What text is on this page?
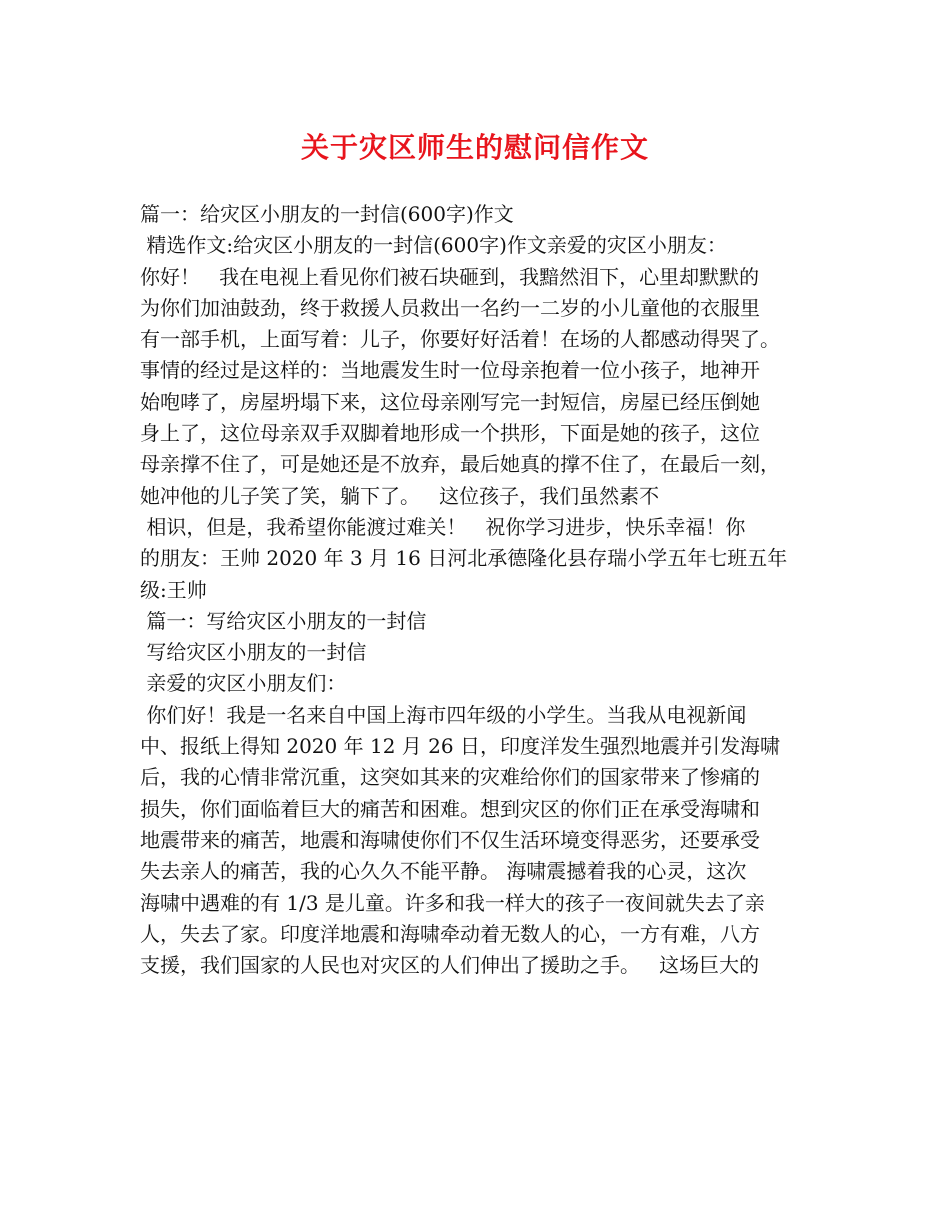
关于灾区师生的慰问信作文
篇一：给灾区小朋友的一封信(600字)作文
精选作文:给灾区小朋友的一封信(600字)作文亲爱的灾区小朋友：
你好！   我在电视上看见你们被石块砸到，我黯然泪下，心里却默默的
为你们加油鼓劲，终于救援人员救出一名约一二岁的小儿童他的衣服里
有一部手机，上面写着：儿子，你要好好活着！在场的人都感动得哭了。
事情的经过是这样的：当地震发生时一位母亲抱着一位小孩子，地神开
始咆哮了，房屋坍塌下来，这位母亲刚写完一封短信，房屋已经压倒她
身上了，这位母亲双手双脚着地形成一个拱形，下面是她的孩子，这位
母亲撑不住了，可是她还是不放弃，最后她真的撑不住了，在最后一刻，
她冲他的儿子笑了笑，躺下了。   这位孩子，我们虽然素不
相识，但是，我希望你能渡过难关！   祝你学习进步，快乐幸福！你
的朋友：王帅 2020 年 3 月 16 日河北承德隆化县存瑞小学五年七班五年
级:王帅
篇一：写给灾区小朋友的一封信
写给灾区小朋友的一封信
亲爱的灾区小朋友们：
你们好！我是一名来自中国上海市四年级的小学生。当我从电视新闻
中、报纸上得知 2020 年 12 月 26 日，印度洋发生强烈地震并引发海啸
后，我的心情非常沉重，这突如其来的灾难给你们的国家带来了惨痛的
损失，你们面临着巨大的痛苦和困难。想到灾区的你们正在承受海啸和
地震带来的痛苦，地震和海啸使你们不仅生活环境变得恶劣，还要承受
失去亲人的痛苦，我的心久久不能平静。 海啸震撼着我的心灵，这次
海啸中遇难的有 1/3 是儿童。许多和我一样大的孩子一夜间就失去了亲
人，失去了家。印度洋地震和海啸牵动着无数人的心，一方有难，八方
支援，我们国家的人民也对灾区的人们伸出了援助之手。   这场巨大的
